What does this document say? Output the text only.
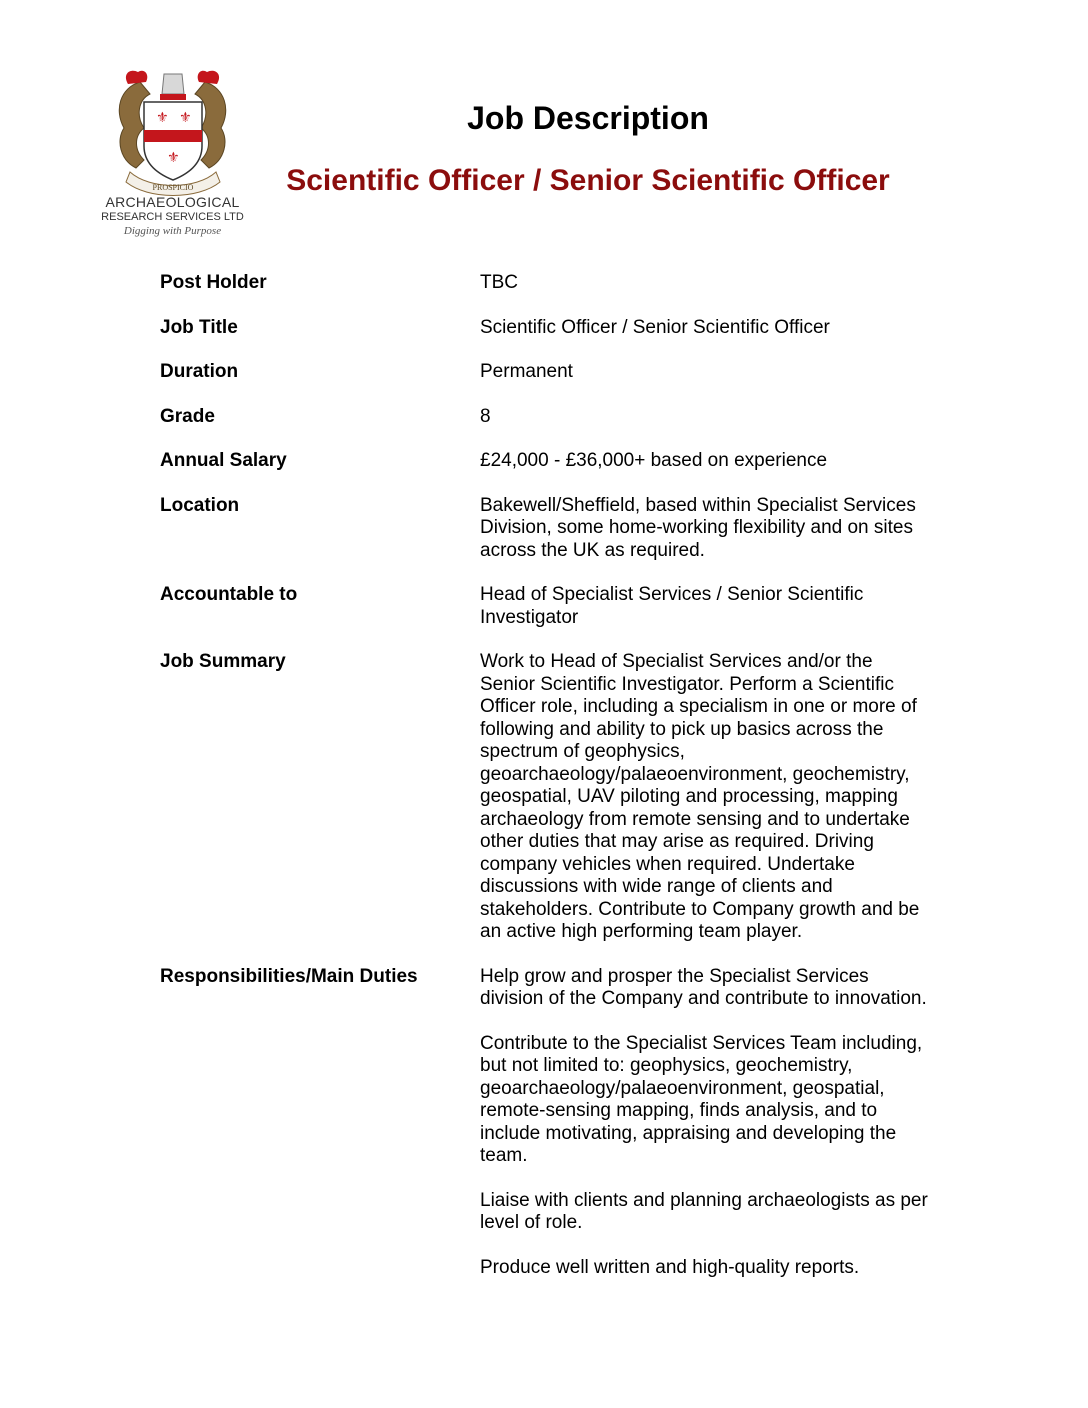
⚜ ⚜
⚜
PROSPICIO
ARCHAEOLOGICAL
RESEARCH SERVICES LTD
Digging with Purpose
Job Description
Scientific Officer / Senior Scientific Officer
Post Holder	TBC
Job Title	Scientific Officer / Senior Scientific Officer
Duration	Permanent
Grade	8
Annual Salary	£24,000 - £36,000+ based on experience
Location	Bakewell/Sheffield, based within Specialist Services Division, some home-working flexibility and on sites across the UK as required.
Accountable to	Head of Specialist Services / Senior Scientific Investigator
Job Summary	Work to Head of Specialist Services and/or the Senior Scientific Investigator. Perform a Scientific Officer role, including a specialism in one or more of following and ability to pick up basics across the spectrum of geophysics, geoarchaeology/palaeoenvironment, geochemistry, geospatial, UAV piloting and processing, mapping archaeology from remote sensing and to undertake other duties that may arise as required. Driving company vehicles when required. Undertake discussions with wide range of clients and stakeholders. Contribute to Company growth and be an active high performing team player.
Responsibilities/Main Duties	Help grow and prosper the Specialist Services division of the Company and contribute to innovation.

Contribute to the Specialist Services Team including, but not limited to: geophysics, geochemistry, geoarchaeology/palaeoenvironment, geospatial, remote-sensing mapping, finds analysis, and to include motivating, appraising and developing the team.

Liaise with clients and planning archaeologists as per level of role.

Produce well written and high-quality reports.
